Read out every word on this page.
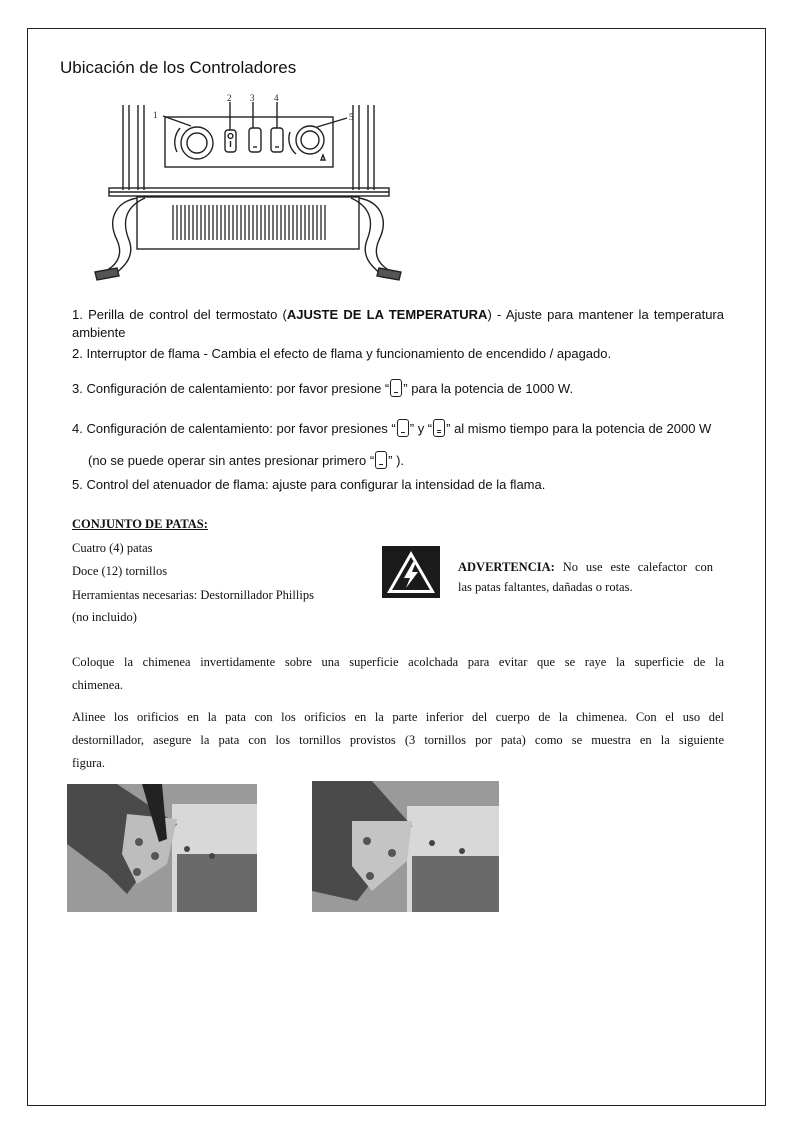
Ubicación de los Controladores
1
2 3 4
5
1. Perilla de control del termostato (AJUSTE DE LA TEMPERATURA) - Ajuste para mantener la temperatura
ambiente
2. Interruptor de flama - Cambia el efecto de flama y funcionamiento de encendido / apagado.
3. Configuración de calentamiento: por favor presione “ ” para la potencia de 1000 W.
4. Configuración de calentamiento: por favor presiones “ ” y “ ” al mismo tiempo para la potencia de 2000 W
(no se puede operar sin antes presionar primero “ ” ).
5. Control del atenuador de flama: ajuste para configurar la intensidad de la flama.
CONJUNTO DE PATAS:
Cuatro (4) patas
Doce (12) tornillos
Herramientas necesarias: Destornillador Phillips
(no incluido)
ADVERTENCIA: No use este calefactor con
las patas faltantes, dañadas o rotas.
Coloque la chimenea invertidamente sobre una superficie acolchada para evitar que se raye la superficie de la
chimenea.
Alinee los orificios en la pata con los orificios en la parte inferior del cuerpo de la chimenea. Con el uso del
destornillador, asegure la pata con los tornillos provistos (3 tornillos por pata) como se muestra en la siguiente
figura.
